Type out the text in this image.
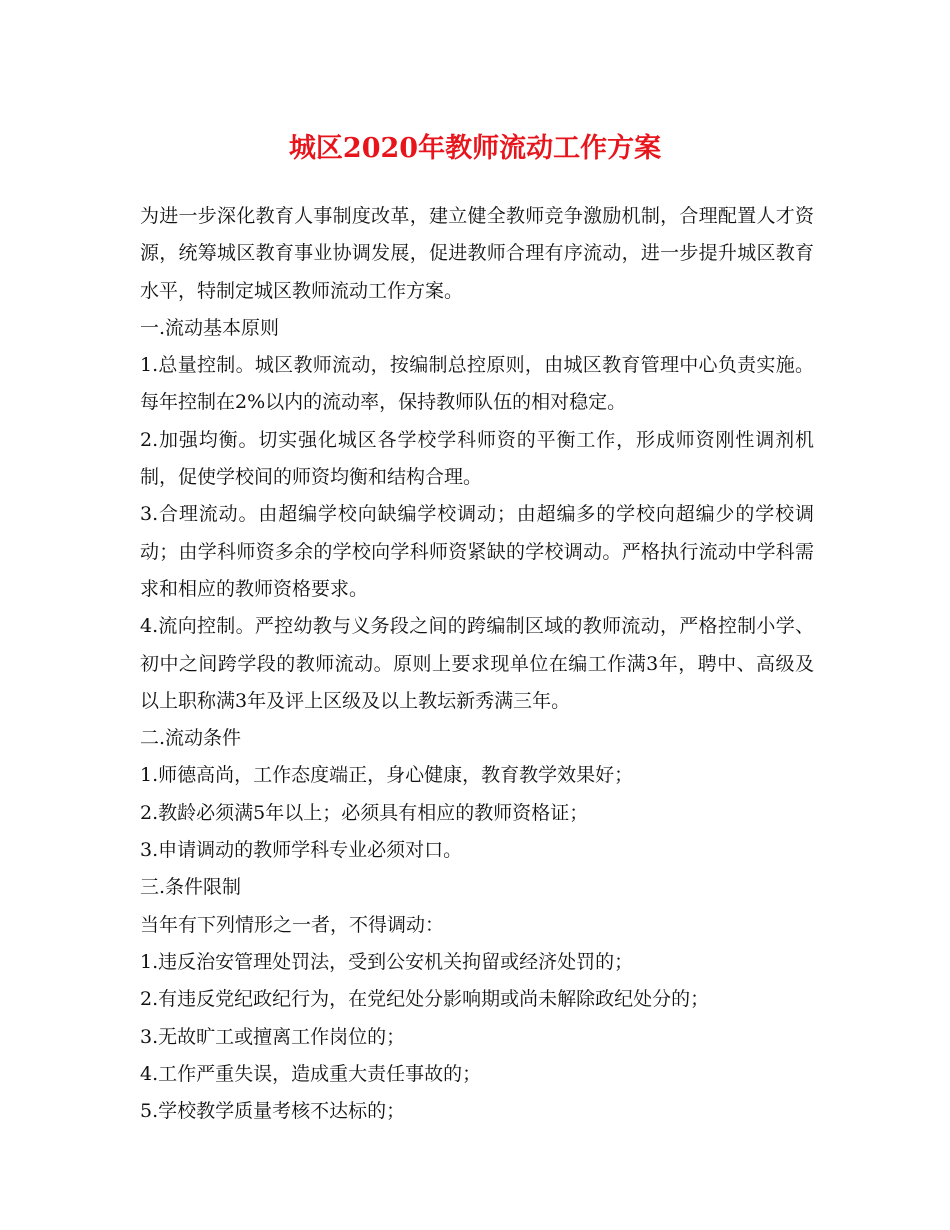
城区2020年教师流动工作方案

为进一步深化教育人事制度改革，建立健全教师竞争激励机制，合理配置人才资源，统筹城区教育事业协调发展，促进教师合理有序流动，进一步提升城区教育水平，特制定城区教师流动工作方案。

一.流动基本原则

1.总量控制。城区教师流动，按编制总控原则，由城区教育管理中心负责实施。每年控制在2%以内的流动率，保持教师队伍的相对稳定。

2.加强均衡。切实强化城区各学校学科师资的平衡工作，形成师资刚性调剂机制，促使学校间的师资均衡和结构合理。

3.合理流动。由超编学校向缺编学校调动；由超编多的学校向超编少的学校调动；由学科师资多余的学校向学科师资紧缺的学校调动。严格执行流动中学科需求和相应的教师资格要求。

4.流向控制。严控幼教与义务段之间的跨编制区域的教师流动，严格控制小学、初中之间跨学段的教师流动。原则上要求现单位在编工作满3年，聘中、高级及以上职称满3年及评上区级及以上教坛新秀满三年。

二.流动条件

1.师德高尚，工作态度端正，身心健康，教育教学效果好；

2.教龄必须满5年以上；必须具有相应的教师资格证；

3.申请调动的教师学科专业必须对口。

三.条件限制

当年有下列情形之一者，不得调动：

1.违反治安管理处罚法，受到公安机关拘留或经济处罚的；

2.有违反党纪政纪行为，在党纪处分影响期或尚未解除政纪处分的；

3.无故旷工或擅离工作岗位的；

4.工作严重失误，造成重大责任事故的；

5.学校教学质量考核不达标的；
